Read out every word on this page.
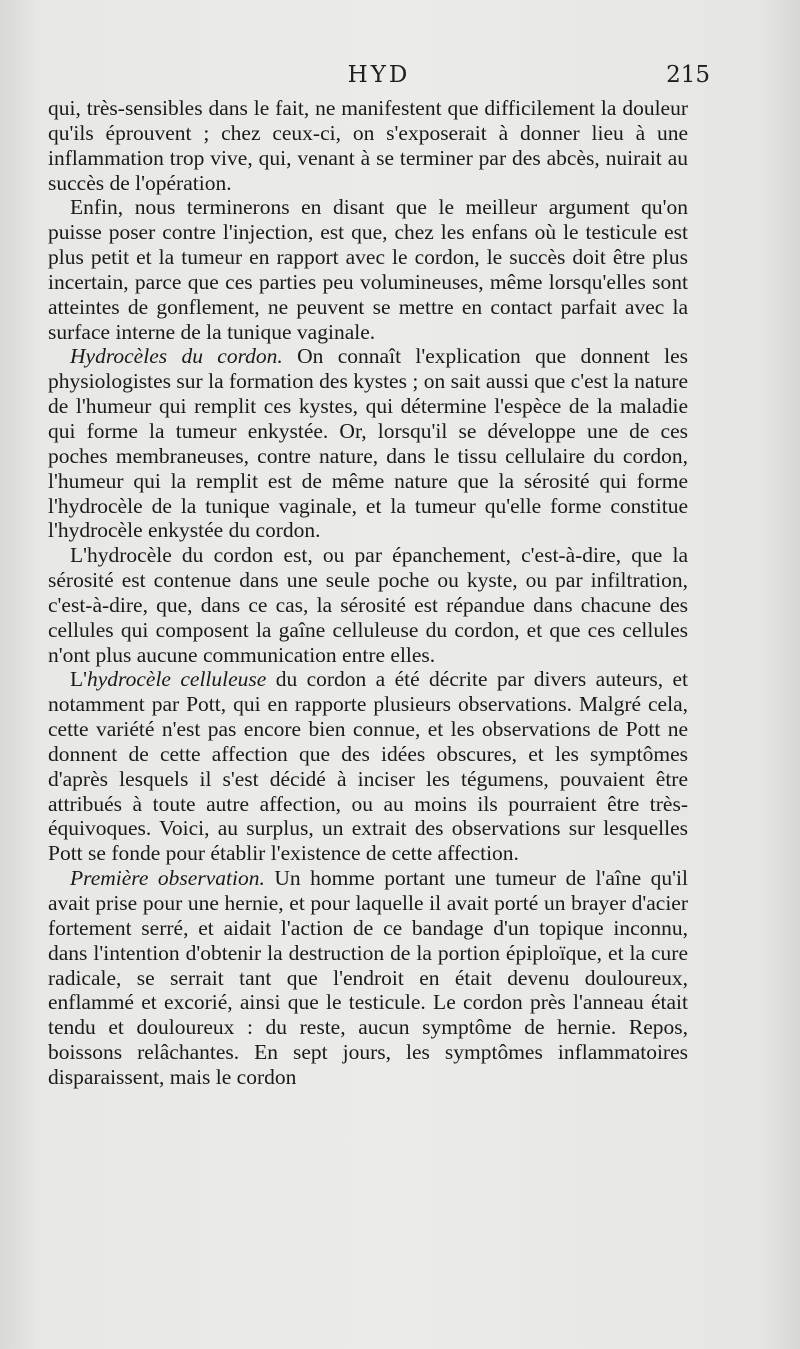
HYD	215

qui, très-sensibles dans le fait, ne manifestent que difficilement la douleur qu'ils éprouvent ; chez ceux-ci, on s'exposerait à donner lieu à une inflammation trop vive, qui, venant à se terminer par des abcès, nuirait au succès de l'opération.

Enfin, nous terminerons en disant que le meilleur argument qu'on puisse poser contre l'injection, est que, chez les enfans où le testicule est plus petit et la tumeur en rapport avec le cordon, le succès doit être plus incertain, parce que ces parties peu volumineuses, même lorsqu'elles sont atteintes de gonflement, ne peuvent se mettre en contact parfait avec la surface interne de la tunique vaginale.

Hydrocèles du cordon. On connaît l'explication que donnent les physiologistes sur la formation des kystes ; on sait aussi que c'est la nature de l'humeur qui remplit ces kystes, qui détermine l'espèce de la maladie qui forme la tumeur enkystée. Or, lorsqu'il se développe une de ces poches membraneuses, contre nature, dans le tissu cellulaire du cordon, l'humeur qui la remplit est de même nature que la sérosité qui forme l'hydrocèle de la tunique vaginale, et la tumeur qu'elle forme constitue l'hydrocèle enkystée du cordon.

L'hydrocèle du cordon est, ou par épanchement, c'est-à-dire, que la sérosité est contenue dans une seule poche ou kyste, ou par infiltration, c'est-à-dire, que, dans ce cas, la sérosité est répandue dans chacune des cellules qui composent la gaîne celluleuse du cordon, et que ces cellules n'ont plus aucune communication entre elles.

L'hydrocèle celluleuse du cordon a été décrite par divers auteurs, et notamment par Pott, qui en rapporte plusieurs observations. Malgré cela, cette variété n'est pas encore bien connue, et les observations de Pott ne donnent de cette affection que des idées obscures, et les symptômes d'après lesquels il s'est décidé à inciser les tégumens, pouvaient être attribués à toute autre affection, ou au moins ils pourraient être très-équivoques. Voici, au surplus, un extrait des observations sur lesquelles Pott se fonde pour établir l'existence de cette affection.

Première observation. Un homme portant une tumeur de l'aîne qu'il avait prise pour une hernie, et pour laquelle il avait porté un brayer d'acier fortement serré, et aidait l'action de ce bandage d'un topique inconnu, dans l'intention d'obtenir la destruction de la portion épiploïque, et la cure radicale, se serrait tant que l'endroit en était devenu douloureux, enflammé et excorié, ainsi que le testicule. Le cordon près l'anneau était tendu et douloureux : du reste, aucun symptôme de hernie. Repos, boissons relâchantes. En sept jours, les symptômes inflammatoires disparaissent, mais le cordon
